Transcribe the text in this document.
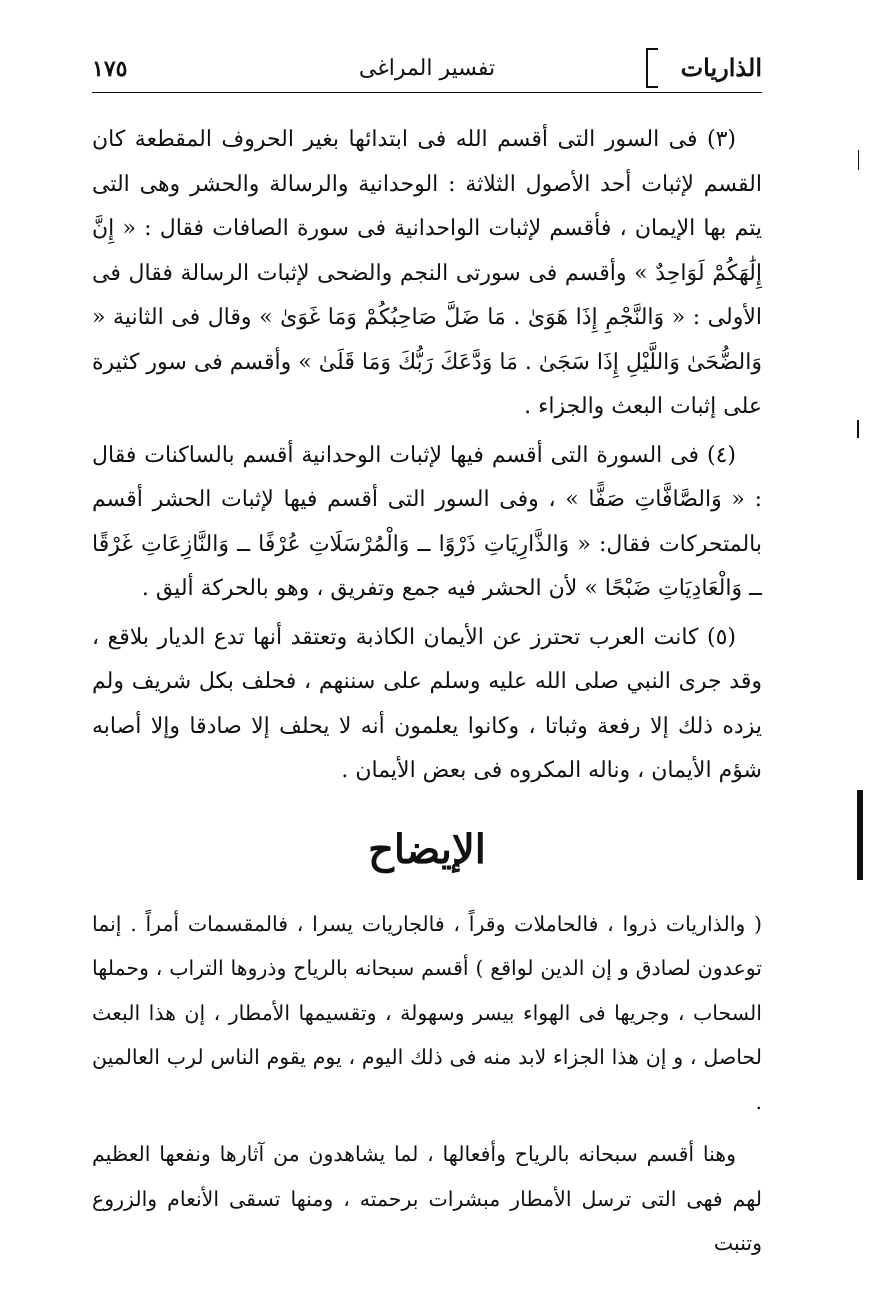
الذاريات
تفسير المراغى
١٧٥

(٣) فى السور التى أقسم الله فى ابتدائها بغير الحروف المقطعة كان القسم لإثبات أحد الأصول الثلاثة : الوحدانية والرسالة والحشر وهى التى يتم بها الإيمان ، فأقسم لإثبات الواحدانية فى سورة الصافات فقال : « إِنَّ إِلَٰهَكُمْ لَوَاحِدٌ » وأقسم فى سورتى النجم والضحى لإثبات الرسالة فقال فى الأولى : « وَالنَّجْمِ إِذَا هَوَىٰ . مَا ضَلَّ صَاحِبُكُمْ وَمَا غَوَىٰ » وقال فى الثانية « وَالضُّحَىٰ وَاللَّيْلِ إِذَا سَجَىٰ . مَا وَدَّعَكَ رَبُّكَ وَمَا قَلَىٰ » وأقسم فى سور كثيرة على إثبات البعث والجزاء .

(٤) فى السورة التى أقسم فيها لإثبات الوحدانية أقسم بالساكنات فقال : « وَالصَّافَّاتِ صَفًّا » ، وفى السور التى أقسم فيها لإثبات الحشر أقسم بالمتحركات فقال: « وَالذَّارِيَاتِ ذَرْوًا ــ وَالْمُرْسَلَاتِ عُرْفًا ــ وَالنَّازِعَاتِ غَرْقًا ــ وَالْعَادِيَاتِ ضَبْحًا » لأن الحشر فيه جمع وتفريق ، وهو بالحركة أليق .

(٥) كانت العرب تحترز عن الأيمان الكاذبة وتعتقد أنها تدع الديار بلاقع ، وقد جرى النبي صلى الله عليه وسلم على سننهم ، فحلف بكل شريف ولم يزده ذلك إلا رفعة وثباتا ، وكانوا يعلمون أنه لا يحلف إلا صادقا وإلا أصابه شؤم الأيمان ، وناله المكروه فى بعض الأيمان .

الإيضاح

( والذاريات ذروا ، فالحاملات وقراً ، فالجاريات يسرا ، فالمقسمات أمراً . إنما توعدون لصادق و إن الدين لواقع ) أقسم سبحانه بالرياح وذروها التراب ، وحملها السحاب ، وجريها فى الهواء بيسر وسهولة ، وتقسيمها الأمطار ، إن هذا البعث لحاصل ، و إن هذا الجزاء لابد منه فى ذلك اليوم ، يوم يقوم الناس لرب العالمين .

وهنا أقسم سبحانه بالرياح وأفعالها ، لما يشاهدون من آثارها ونفعها العظيم لهم فهى التى ترسل الأمطار مبشرات برحمته ، ومنها تسقى الأنعام والزروع وتنبت
